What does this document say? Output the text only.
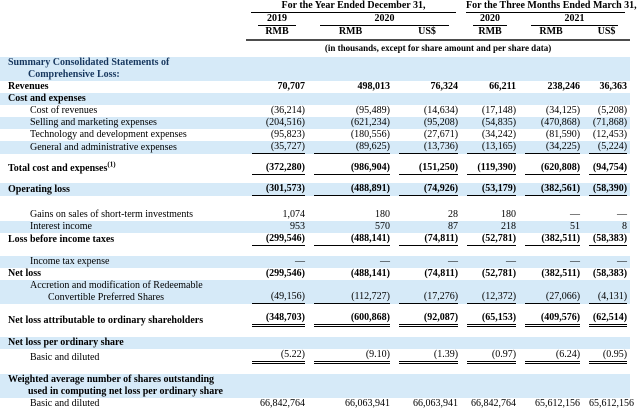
	For the Year Ended December 31,			For the Three Months Ended March 31,		

	2019	2020		2020	2021	

	RMB	RMB	US$	RMB	RMB	US$
	(in thousands, except for share amount and per share data)					

Summary Consolidated Statements of
Comprehensive Loss:						

Revenues	70,707	498,013	76,324	66,211	238,246	36,363

Cost and expenses						

Cost of revenues	(36,214)	(95,489)	(14,634)	(17,148)	(34,125)	(5,208)

Selling and marketing expenses	(204,516)	(621,234)	(95,208)	(54,835)	(470,868)	(71,868)

Technology and development expenses	(95,823)	(180,556)	(27,671)	(34,242)	(81,590)	(12,453)

General and administrative expenses	(35,727)	(89,625)	(13,736)	(13,165)	(34,225)	(5,224)

Total cost and expenses$^{(1)}$	(372,280)	(986,904)	(151,250)	(119,390)	(620,808)	(94,754)

Operating loss	(301,573)	(488,891)	(74,926)	(53,179)	(382,561)	(58,390)

Gains on sales of short-term investments	1,074	180	28	180	—	—

Interest income	953	570	87	218	51	8

Loss before income taxes	(299,546)	(488,141)	(74,811)	(52,781)	(382,511)	(58,383)

Income tax expense	—	—	—	—	—	—

Net loss	(299,546)	(488,141)	(74,811)	(52,781)	(382,511)	(58,383)

Accretion and modification of Redeemable
Convertible Preferred Shares	(49,156)	(112,727)	(17,276)	(12,372)	(27,066)	(4,131)

Net loss attributable to ordinary shareholders	(348,703)	(600,868)	(92,087)	(65,153)	(409,576)	(62,514)

Net loss per ordinary share						

Basic and diluted	(5.22)	(9.10)	(1.39)	(0.97)	(6.24)	(0.95)

Weighted average number of shares outstanding
used in computing net loss per ordinary share						

Basic and diluted	66,842,764	66,063,941	66,063,941	66,842,764	65,612,156	65,612,156
